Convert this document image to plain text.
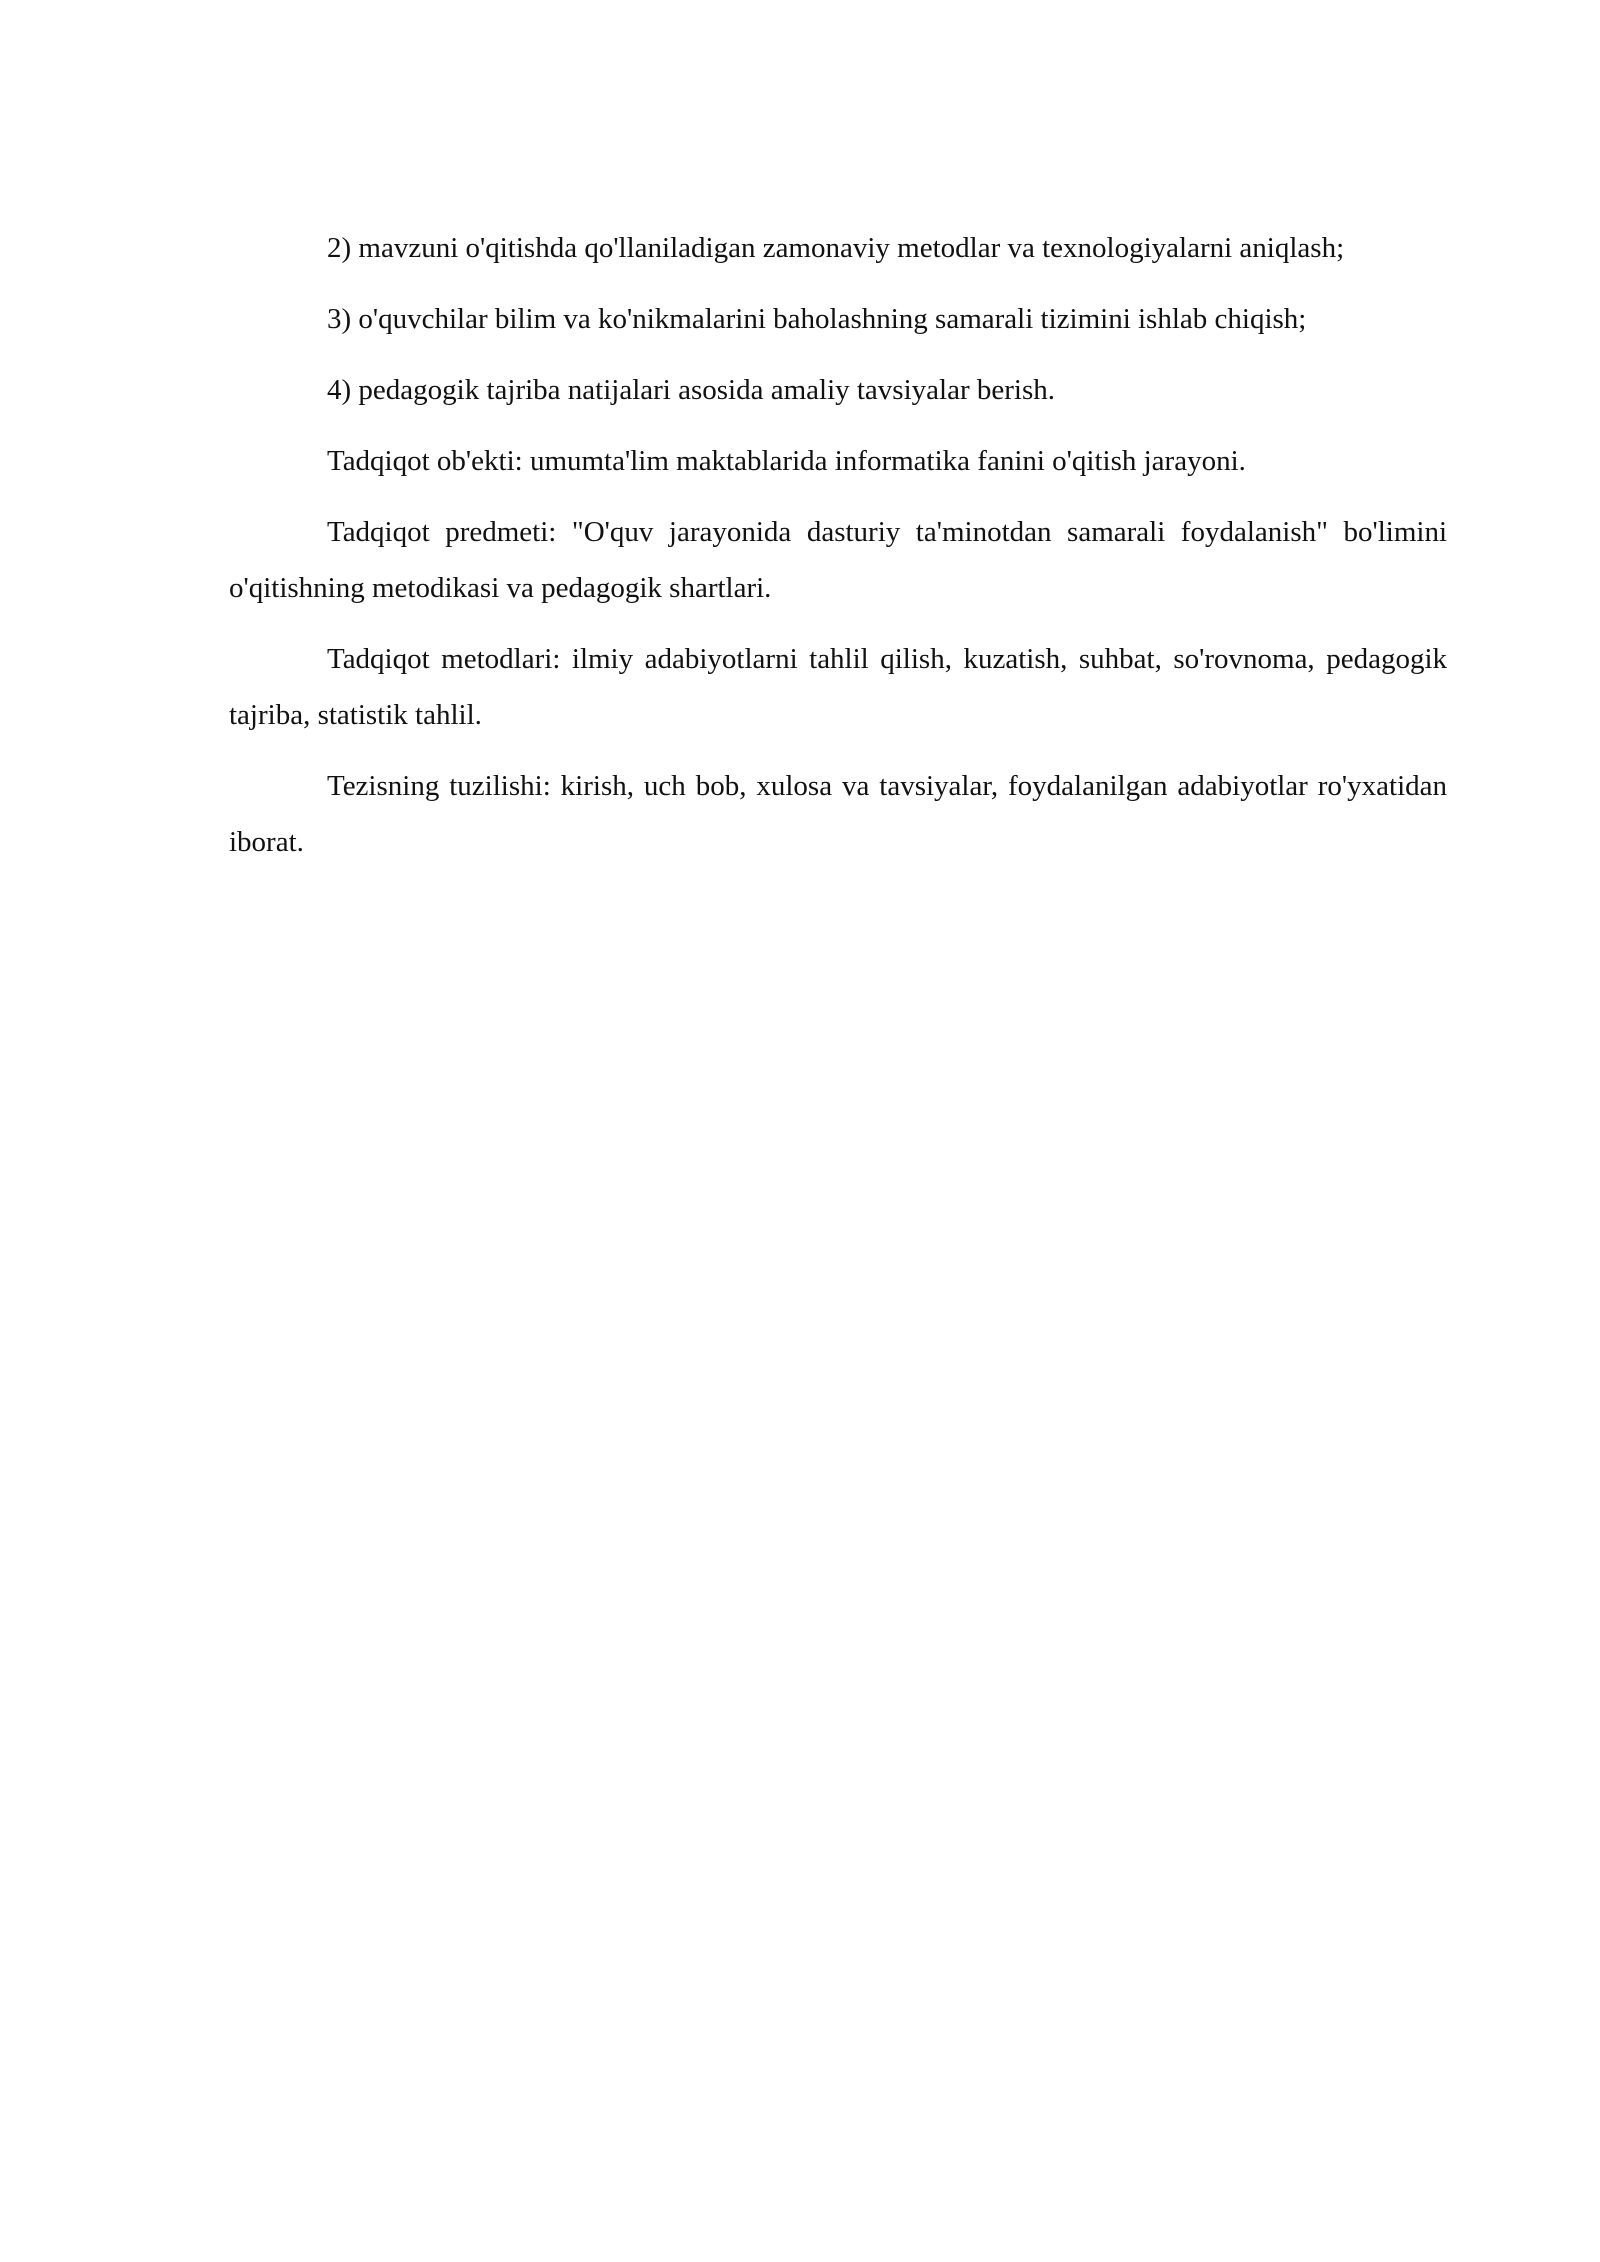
2) mavzuni o'qitishda qo'llaniladigan zamonaviy metodlar va texnologiyalarni aniqlash;

3) o'quvchilar bilim va ko'nikmalarini baholashning samarali tizimini ishlab chiqish;

4) pedagogik tajriba natijalari asosida amaliy tavsiyalar berish.

Tadqiqot ob'ekti: umumta'lim maktablarida informatika fanini o'qitish jarayoni.

Tadqiqot predmeti: "O'quv jarayonida dasturiy ta'minotdan samarali foydalanish" bo'limini o'qitishning metodikasi va pedagogik shartlari.

Tadqiqot metodlari: ilmiy adabiyotlarni tahlil qilish, kuzatish, suhbat, so'rovnoma, pedagogik tajriba, statistik tahlil.

Tezisning tuzilishi: kirish, uch bob, xulosa va tavsiyalar, foydalanilgan adabiyotlar ro'yxatidan iborat.
